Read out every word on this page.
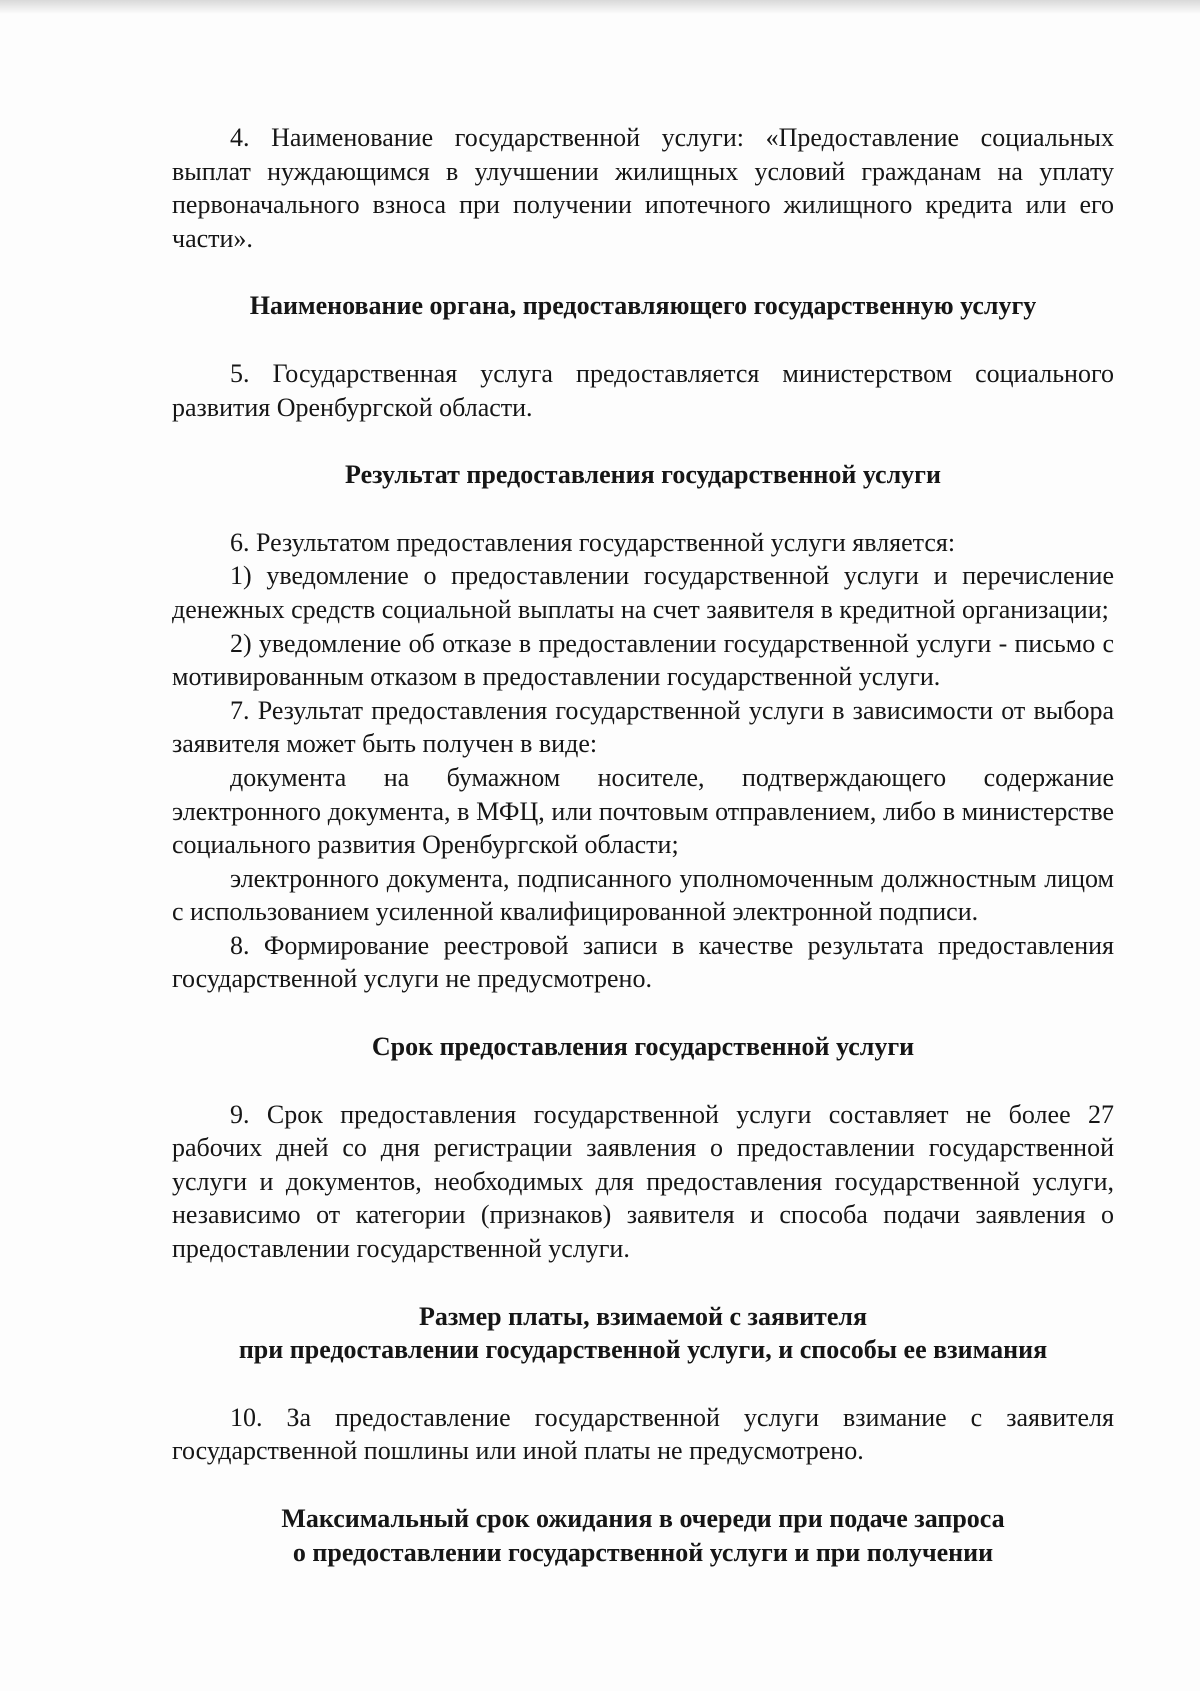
4. Наименование государственной услуги: «Предоставление социальных выплат нуждающимся в улучшении жилищных условий гражданам на уплату первоначального взноса при получении ипотечного жилищного кредита или его части».

Наименование органа, предоставляющего государственную услугу

5. Государственная услуга предоставляется министерством социального развития Оренбургской области.

Результат предоставления государственной услуги

6. Результатом предоставления государственной услуги является:

1) уведомление о предоставлении государственной услуги и перечисление денежных средств социальной выплаты на счет заявителя в кредитной организации;

2) уведомление об отказе в предоставлении государственной услуги - письмо с мотивированным отказом в предоставлении государственной услуги.

7. Результат предоставления государственной услуги в зависимости от выбора заявителя может быть получен в виде:

документа на бумажном носителе, подтверждающего содержание электронного документа, в МФЦ, или почтовым отправлением, либо в министерстве социального развития Оренбургской области;

электронного документа, подписанного уполномоченным должностным лицом с использованием усиленной квалифицированной электронной подписи.

8. Формирование реестровой записи в качестве результата предоставления государственной услуги не предусмотрено.

Срок предоставления государственной услуги

9. Срок предоставления государственной услуги составляет не более 27 рабочих дней со дня регистрации заявления о предоставлении государственной услуги и документов, необходимых для предоставления государственной услуги, независимо от категории (признаков) заявителя и способа подачи заявления о предоставлении государственной услуги.

Размер платы, взимаемой с заявителя
при предоставлении государственной услуги, и способы ее взимания

10. За предоставление государственной услуги взимание с заявителя государственной пошлины или иной платы не предусмотрено.

Максимальный срок ожидания в очереди при подаче запроса
о предоставлении государственной услуги и при получении
